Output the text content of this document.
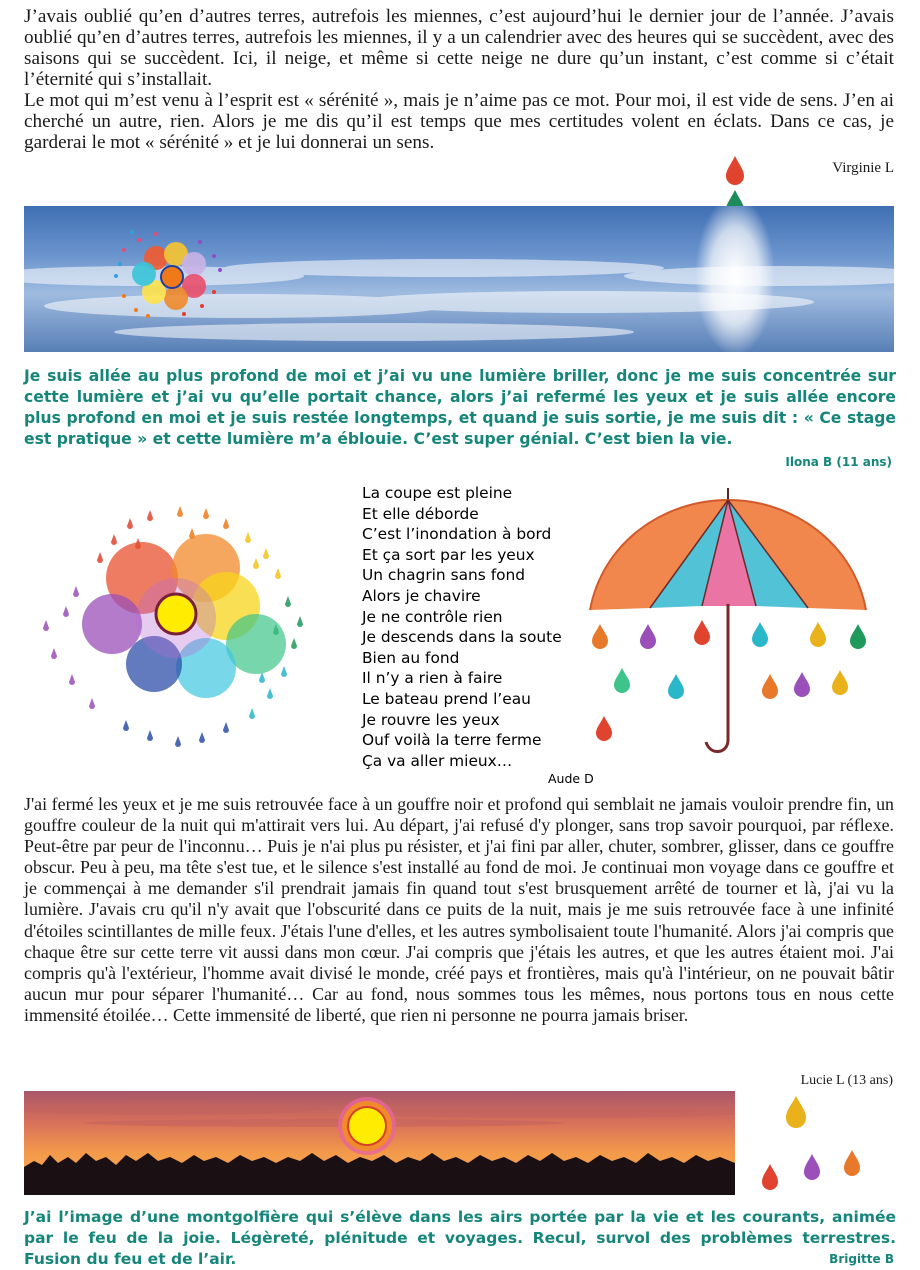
J’avais oublié qu’en d’autres terres, autrefois les miennes, c’est aujourd’hui le dernier jour de l’année. J’avais oublié qu’en d’autres terres, autrefois les miennes, il y a un calendrier avec des heures qui se succèdent, avec des saisons qui se succèdent. Ici, il neige, et même si cette neige ne dure qu’un instant, c’est comme si c’était l’éternité qui s’installait.

Le mot qui m’est venu à l’esprit est « sérénité », mais je n’aime pas ce mot. Pour moi, il est vide de sens. J’en ai cherché un autre, rien. Alors je me dis qu’il est temps que mes certitudes volent en éclats. Dans ce cas, je garderai le mot « sérénité » et je lui donnerai un sens.

Virginie L
Je suis allée au plus profond de moi et j’ai vu une lumière briller, donc je me suis concentrée sur cette lumière et j’ai vu qu’elle portait chance, alors j’ai refermé les yeux et je suis allée encore plus profond en moi et je suis restée longtemps, et quand je suis sortie, je me suis dit : « Ce stage est pratique » et cette lumière m’a éblouie. C’est super génial. C’est bien la vie.
Ilona B (11 ans)
La coupe est pleine
Et elle déborde
C’est l’inondation à bord
Et ça sort par les yeux
Un chagrin sans fond
Alors je chavire
Je ne contrôle rien
Je descends dans la soute
Bien au fond
Il n’y a rien à faire
Le bateau prend l’eau
Je rouvre les yeux
Ouf voilà la terre ferme
Ça va aller mieux…
Aude D
J'ai fermé les yeux et je me suis retrouvée face à un gouffre noir et profond qui semblait ne jamais vouloir prendre fin, un gouffre couleur de la nuit qui m'attirait vers lui. Au départ, j'ai refusé d'y plonger, sans trop savoir pourquoi, par réflexe. Peut-être par peur de l'inconnu… Puis je n'ai plus pu résister, et j'ai fini par aller, chuter, sombrer, glisser, dans ce gouffre obscur. Peu à peu, ma tête s'est tue, et le silence s'est installé au fond de moi. Je continuai mon voyage dans ce gouffre et je commençai à me demander s'il prendrait jamais fin quand tout s'est brusquement arrêté de tourner et là, j'ai vu la lumière. J'avais cru qu'il n'y avait que l'obscurité dans ce puits de la nuit, mais je me suis retrouvée face à une infinité d'étoiles scintillantes de mille feux. J'étais l'une d'elles, et les autres symbolisaient toute l'humanité. Alors j'ai compris que chaque être sur cette terre vit aussi dans mon cœur. J'ai compris que j'étais les autres, et que les autres étaient moi. J'ai compris qu'à l'extérieur, l'homme avait divisé le monde, créé pays et frontières, mais qu'à l'intérieur, on ne pouvait bâtir aucun mur pour séparer l'humanité… Car au fond, nous sommes tous les mêmes, nous portons tous en nous cette immensité étoilée… Cette immensité de liberté, que rien ni personne ne pourra jamais briser.
Lucie L (13 ans)
J’ai l’image d’une montgolfière qui s’élève dans les airs portée par la vie et les courants, animée par le feu de la joie. Légèreté, plénitude et voyages. Recul, survol des problèmes terrestres. Fusion du feu et de l’air.	Brigitte B
